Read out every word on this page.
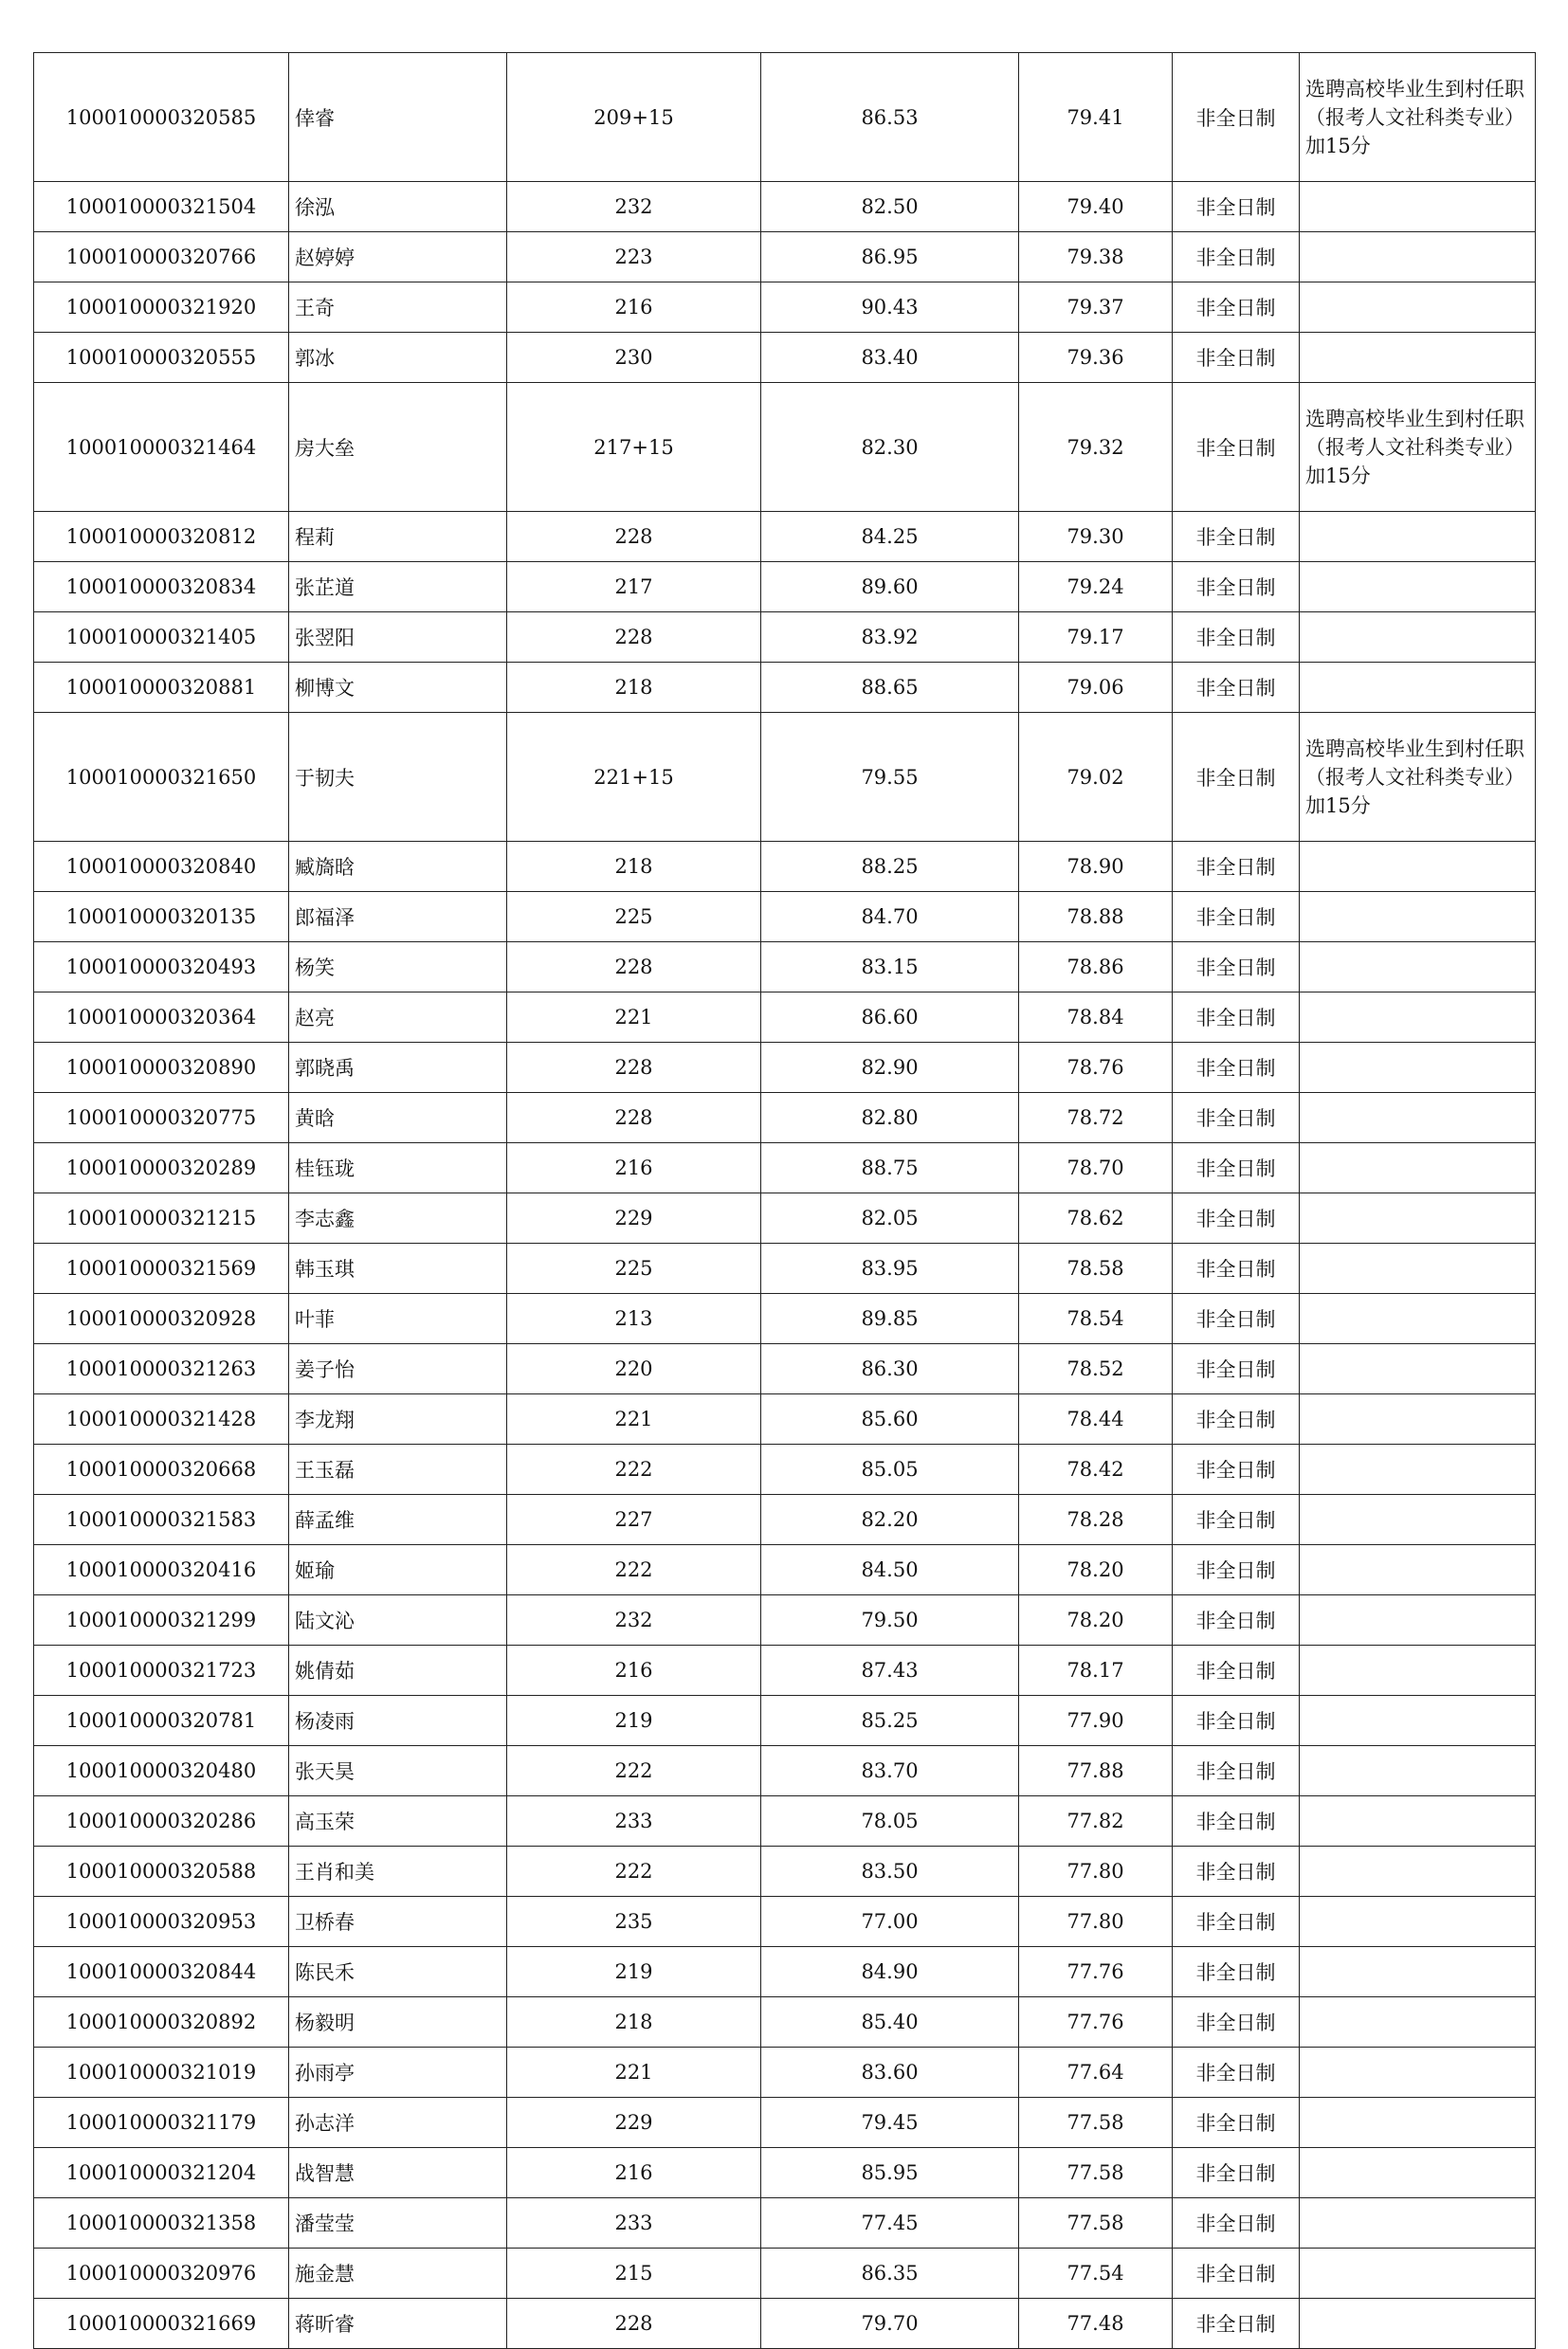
100010000320585	倖睿	209+15	86.53	79.41	非全日制	选聘高校毕业生到村任职（报考人文社科类专业）加15分
100010000321504	徐泓	232	82.50	79.40	非全日制	
100010000320766	赵婷婷	223	86.95	79.38	非全日制	
100010000321920	王奇	216	90.43	79.37	非全日制	
100010000320555	郭冰	230	83.40	79.36	非全日制	
100010000321464	房大垒	217+15	82.30	79.32	非全日制	选聘高校毕业生到村任职（报考人文社科类专业）加15分
100010000320812	程莉	228	84.25	79.30	非全日制	
100010000320834	张芷道	217	89.60	79.24	非全日制	
100010000321405	张翌阳	228	83.92	79.17	非全日制	
100010000320881	柳博文	218	88.65	79.06	非全日制	
100010000321650	于韧夫	221+15	79.55	79.02	非全日制	选聘高校毕业生到村任职（报考人文社科类专业）加15分
100010000320840	臧旖晗	218	88.25	78.90	非全日制	
100010000320135	郎福泽	225	84.70	78.88	非全日制	
100010000320493	杨笑	228	83.15	78.86	非全日制	
100010000320364	赵亮	221	86.60	78.84	非全日制	
100010000320890	郭晓禹	228	82.90	78.76	非全日制	
100010000320775	黄晗	228	82.80	78.72	非全日制	
100010000320289	桂钰珑	216	88.75	78.70	非全日制	
100010000321215	李志鑫	229	82.05	78.62	非全日制	
100010000321569	韩玉琪	225	83.95	78.58	非全日制	
100010000320928	叶菲	213	89.85	78.54	非全日制	
100010000321263	姜子怡	220	86.30	78.52	非全日制	
100010000321428	李龙翔	221	85.60	78.44	非全日制	
100010000320668	王玉磊	222	85.05	78.42	非全日制	
100010000321583	薛孟维	227	82.20	78.28	非全日制	
100010000320416	姬瑜	222	84.50	78.20	非全日制	
100010000321299	陆文沁	232	79.50	78.20	非全日制	
100010000321723	姚倩茹	216	87.43	78.17	非全日制	
100010000320781	杨凌雨	219	85.25	77.90	非全日制	
100010000320480	张天昊	222	83.70	77.88	非全日制	
100010000320286	高玉荣	233	78.05	77.82	非全日制	
100010000320588	王肖和美	222	83.50	77.80	非全日制	
100010000320953	卫桥春	235	77.00	77.80	非全日制	
100010000320844	陈民禾	219	84.90	77.76	非全日制	
100010000320892	杨毅明	218	85.40	77.76	非全日制	
100010000321019	孙雨亭	221	83.60	77.64	非全日制	
100010000321179	孙志洋	229	79.45	77.58	非全日制	
100010000321204	战智慧	216	85.95	77.58	非全日制	
100010000321358	潘莹莹	233	77.45	77.58	非全日制	
100010000320976	施金慧	215	86.35	77.54	非全日制	
100010000321669	蒋昕睿	228	79.70	77.48	非全日制	
